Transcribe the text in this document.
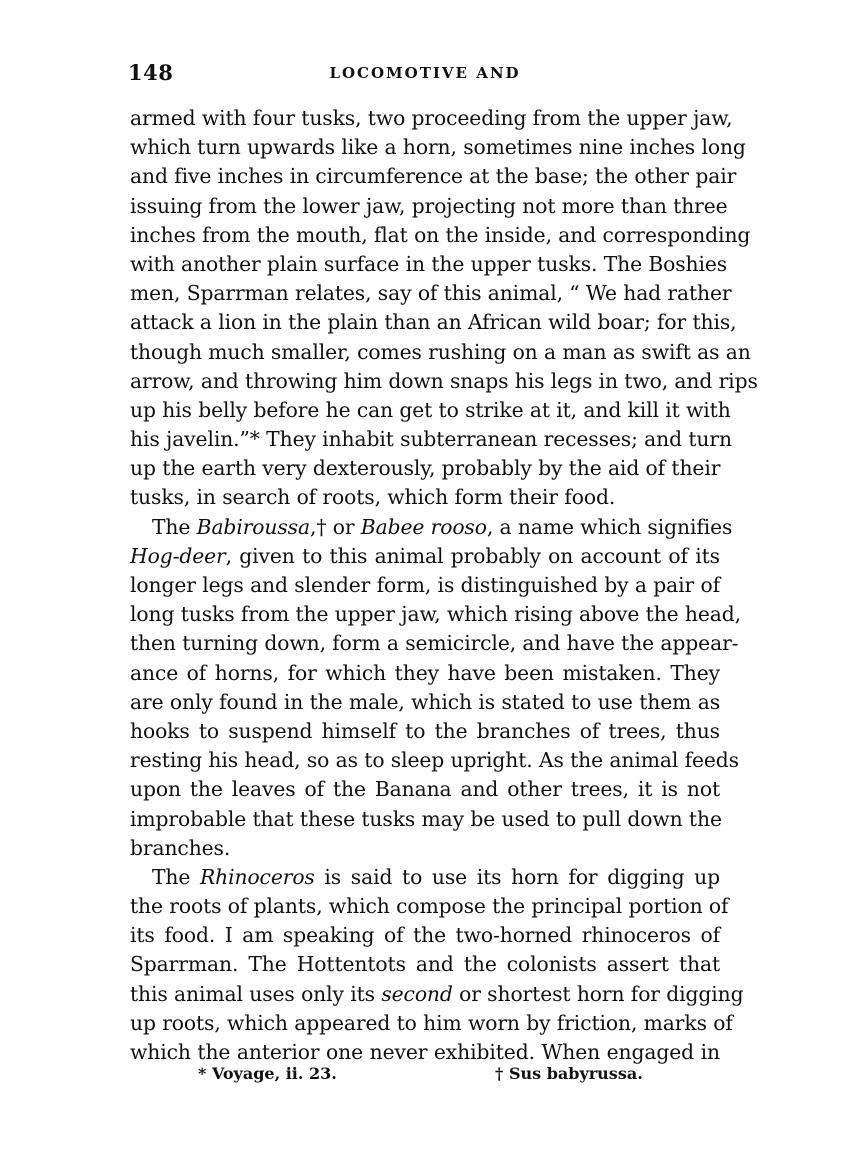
148	LOCOMOTIVE AND
armed with four tusks, two proceeding from the upper jaw,
which turn upwards like a horn, sometimes nine inches long
and five inches in circumference at the base; the other pair
issuing from the lower jaw, projecting not more than three
inches from the mouth, flat on the inside, and corresponding
with another plain surface in the upper tusks. The Boshies
men, Sparrman relates, say of this animal, “ We had rather
attack a lion in the plain than an African wild boar; for this,
though much smaller, comes rushing on a man as swift as an
arrow, and throwing him down snaps his legs in two, and rips
up his belly before he can get to strike at it, and kill it with
his javelin.”* They inhabit subterranean recesses; and turn
up the earth very dexterously, probably by the aid of their
tusks, in search of roots, which form their food.
The Babiroussa,† or Babee rooso, a name which signifies
Hog-deer, given to this animal probably on account of its
longer legs and slender form, is distinguished by a pair of
long tusks from the upper jaw, which rising above the head,
then turning down, form a semicircle, and have the appear-
ance of horns, for which they have been mistaken. They
are only found in the male, which is stated to use them as
hooks to suspend himself to the branches of trees, thus
resting his head, so as to sleep upright. As the animal feeds
upon the leaves of the Banana and other trees, it is not
improbable that these tusks may be used to pull down the
branches.
The Rhinoceros is said to use its horn for digging up
the roots of plants, which compose the principal portion of
its food. I am speaking of the two-horned rhinoceros of
Sparrman. The Hottentots and the colonists assert that
this animal uses only its second or shortest horn for digging
up roots, which appeared to him worn by friction, marks of
which the anterior one never exhibited. When engaged in
* Voyage, ii. 23.	† Sus babyrussa.
